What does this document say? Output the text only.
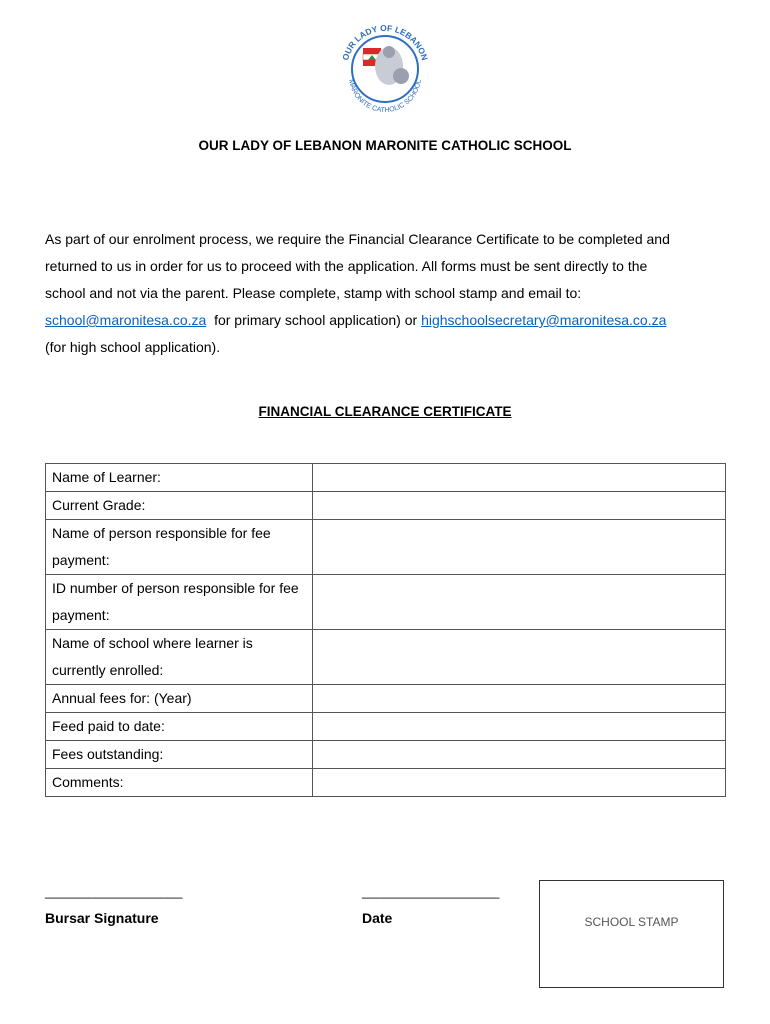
OUR LADY OF LEBANON
MARONITE CATHOLIC SCHOOL
OUR LADY OF LEBANON MARONITE CATHOLIC SCHOOL
As part of our enrolment process, we require the Financial Clearance Certificate to be completed and
returned to us in order for us to proceed with the application. All forms must be sent directly to the
school and not via the parent. Please complete, stamp with school stamp and email to:
school@maronitesa.co.za  for primary school application) or highschoolsecretary@maronitesa.co.za
(for high school application).
FINANCIAL CLEARANCE CERTIFICATE
Name of Learner:	
Current Grade:	
Name of person responsible for fee payment:	
ID number of person responsible for fee payment:	
Name of school where learner is currently enrolled:	
Annual fees for: (Year)	
Feed paid to date:	
Fees outstanding:	
Comments:	
___________________
Bursar Signature
___________________
Date	SCHOOL STAMP
